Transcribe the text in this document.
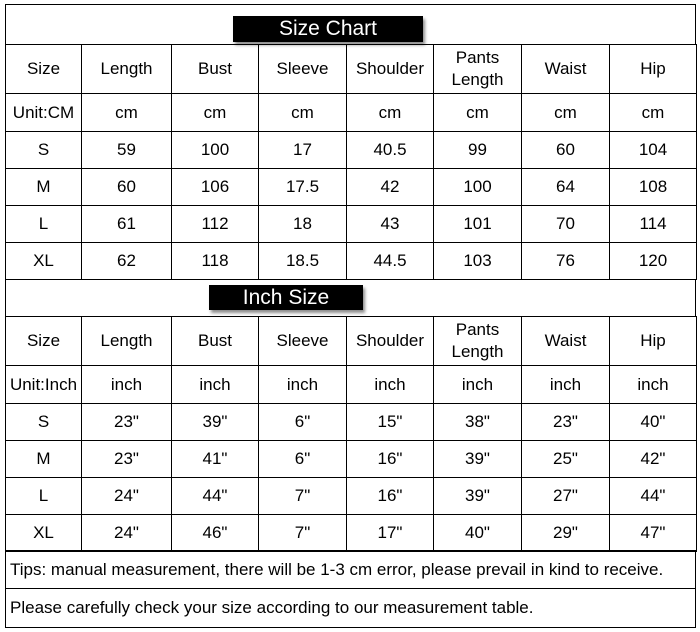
Size Chart
Size	Length	Bust	Sleeve	Shoulder	Pants Length	Waist	Hip
Unit:CM	cm	cm	cm	cm	cm	cm	cm
S	59	100	17	40.5	99	60	104
M	60	106	17.5	42	100	64	108
L	61	112	18	43	101	70	114
XL	62	118	18.5	44.5	103	76	120
Inch Size
Size	Length	Bust	Sleeve	Shoulder	Pants Length	Waist	Hip
Unit:Inch	inch	inch	inch	inch	inch	inch	inch
S	23"	39"	6"	15"	38"	23"	40"
M	23"	41"	6"	16"	39"	25"	42"
L	24"	44"	7"	16"	39"	27"	44"
XL	24"	46"	7"	17"	40"	29"	47"
Tips: manual measurement, there will be 1-3 cm error, please prevail in kind to receive.
Please carefully check your size according to our measurement table.
